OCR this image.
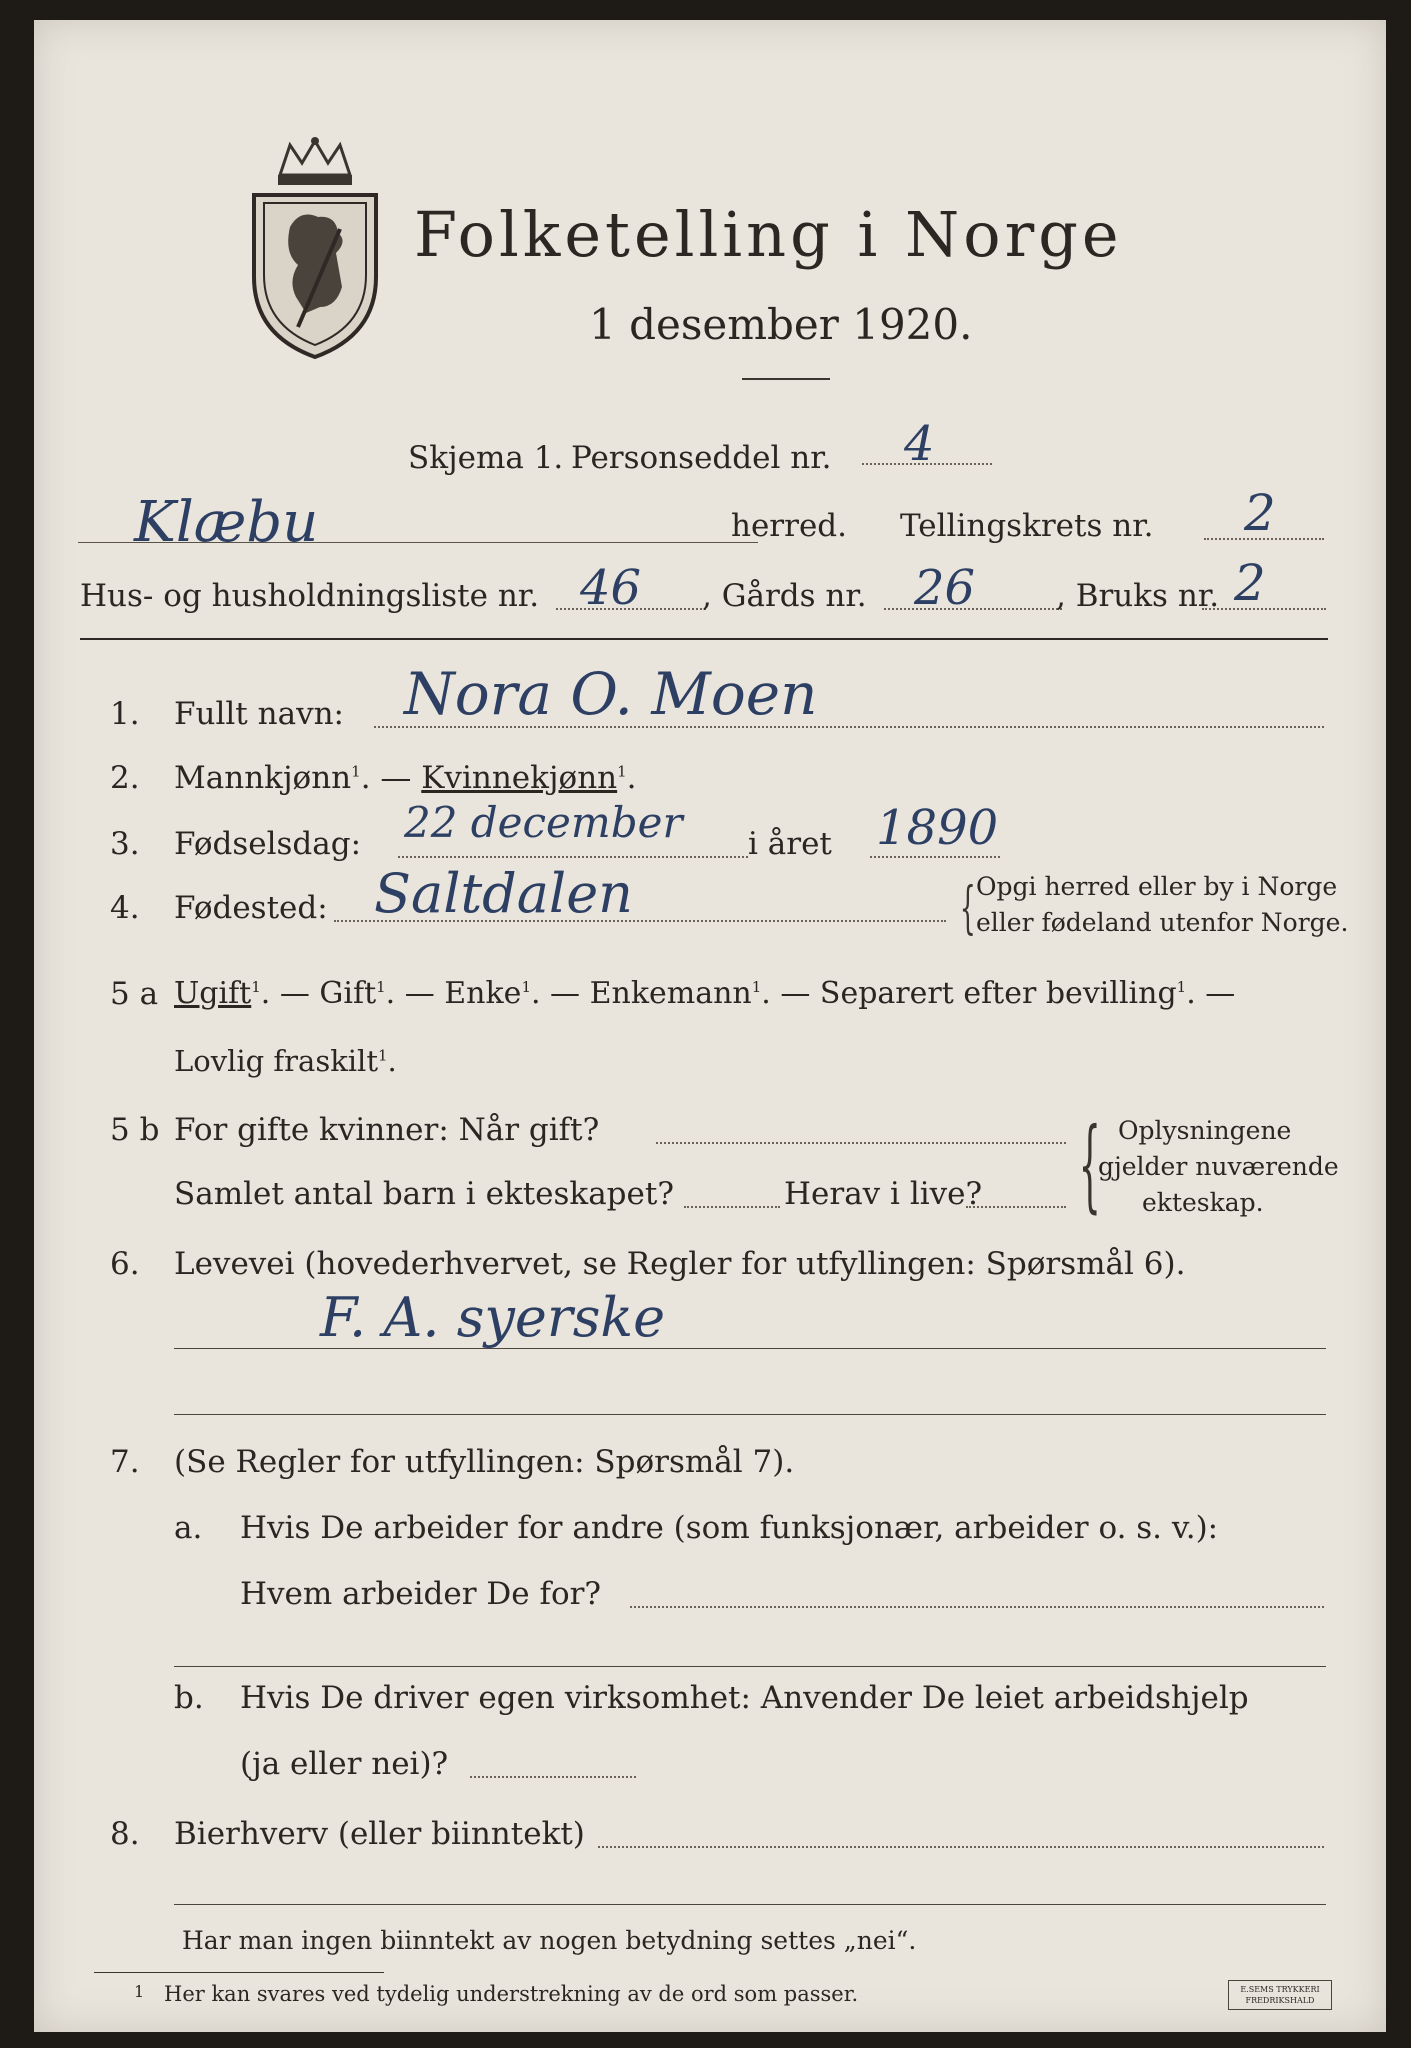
Folketelling i Norge
1 desember 1920.
Skjema 1. Personseddel nr. 4
Klæbu	herred. Tellingskrets nr. 2
Hus- og husholdningsliste nr. 46 , Gårds nr. 26	, Bruks nr. 2
1. Fullt navn: Nora O. Moen
2. Mannkjønn$^1$. — Kvinnekjønn$^1$.
3. Fødselsdag: 22 december i året 1890
4. Fødested: Saltdalen	{ Opgi herred eller by i Norge
eller fødeland utenfor Norge.
5 a Ugift$^1$. — Gift$^1$. — Enke$^1$. — Enkemann$^1$. — Separert efter bevilling$^1$. —
Lovlig fraskilt$^1$.
5 b For gifte kvinner: Når gift?
Samlet antal barn i ekteskapet?	Herav i live? { Oplysningene
gjelder nuværende
ekteskap.
6. Levevei (hovederhvervet, se Regler for utfyllingen: Spørsmål 6).
F. A. syerske
7. (Se Regler for utfyllingen: Spørsmål 7).
a. Hvis De arbeider for andre (som funksjonær, arbeider o. s. v.):
Hvem arbeider De for?
b. Hvis De driver egen virksomhet: Anvender De leiet arbeidshjelp
(ja eller nei)?
8. Bierhverv (eller biinntekt)
Har man ingen biinntekt av nogen betydning settes „nei“.
1 Her kan svares ved tydelig understrekning av de ord som passer.	E.SEMS TRYKKERI
FREDRIKSHALD
